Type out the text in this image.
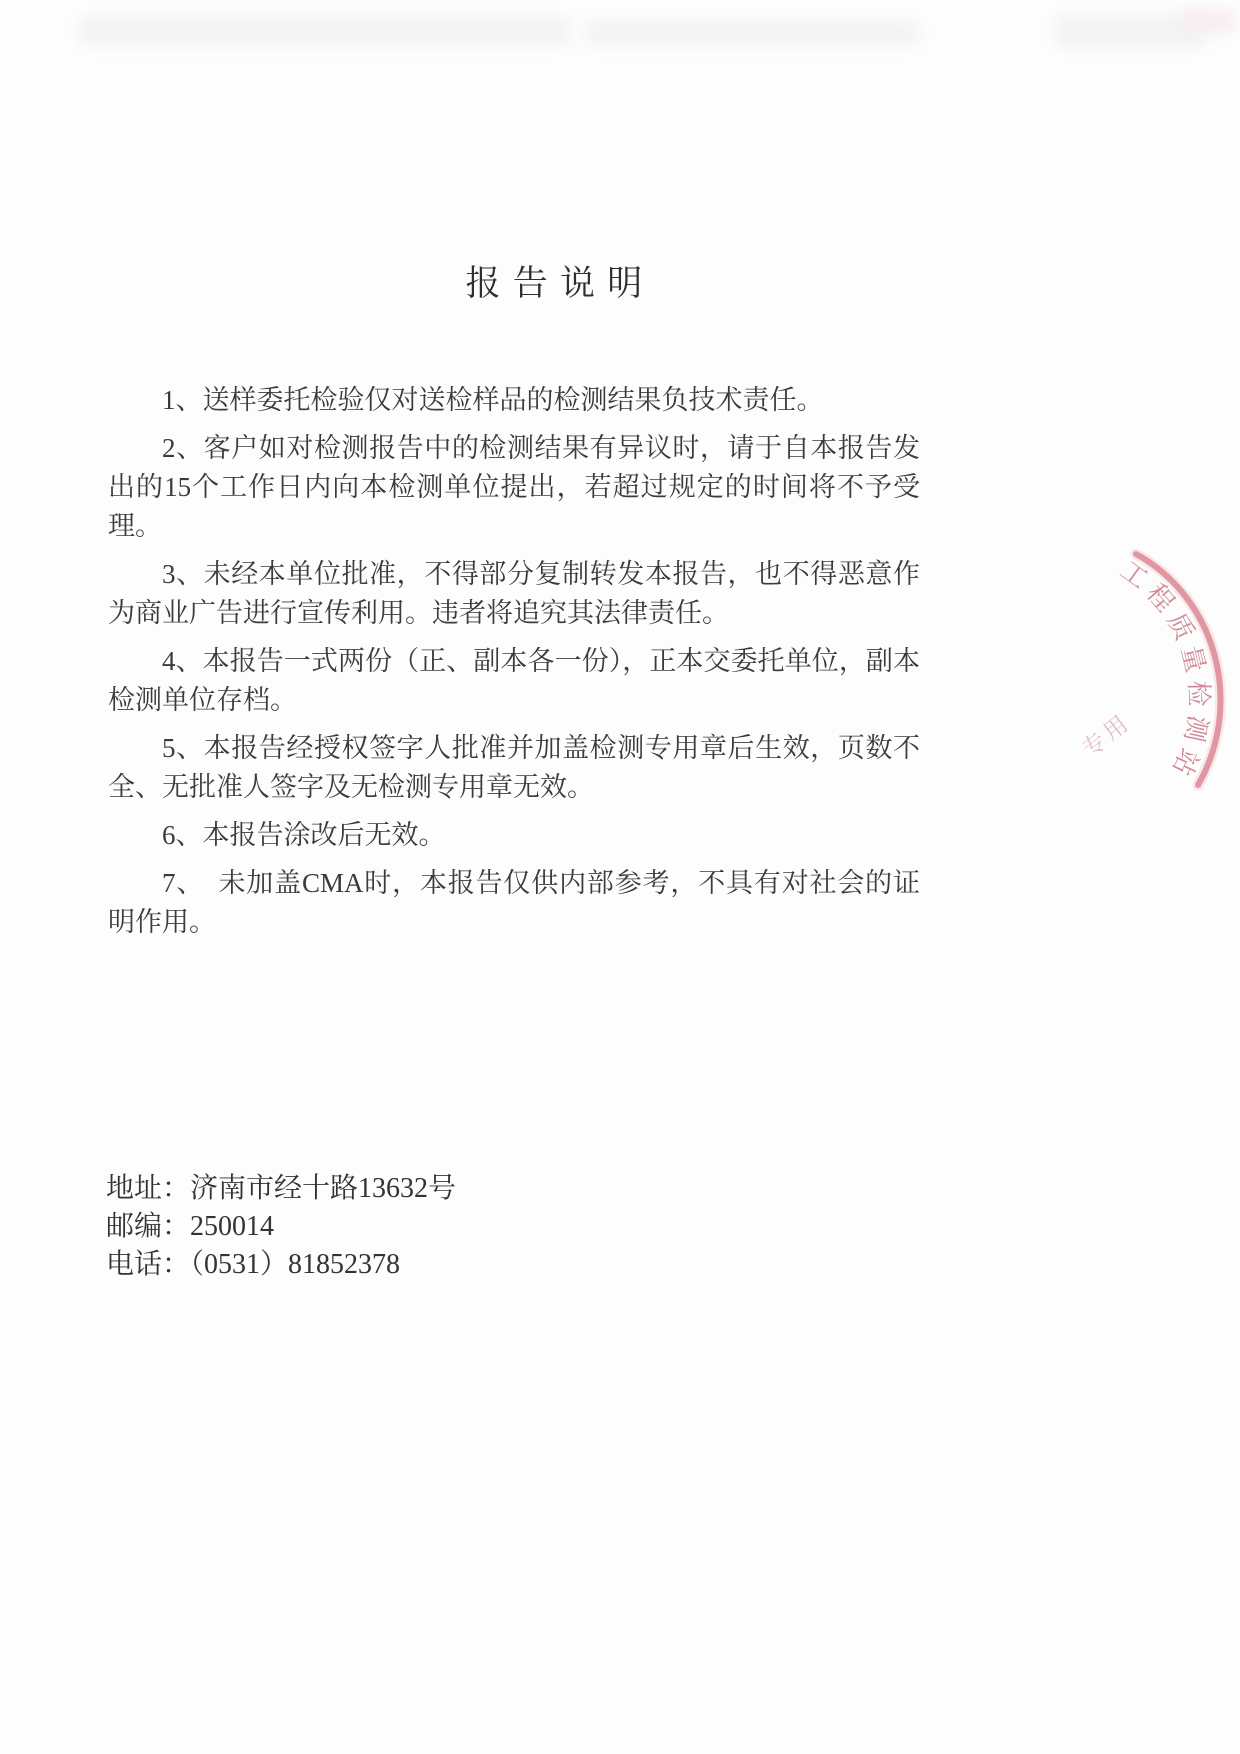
报告说明

1、送样委托检验仅对送检样品的检测结果负技术责任。

2、客户如对检测报告中的检测结果有异议时，请于自本报告发出的15个工作日内向本检测单位提出，若超过规定的时间将不予受理。

3、未经本单位批准，不得部分复制转发本报告，也不得恶意作为商业广告进行宣传利用。违者将追究其法律责任。

4、本报告一式两份（正、副本各一份），正本交委托单位，副本检测单位存档。

5、本报告经授权签字人批准并加盖检测专用章后生效，页数不全、无批准人签字及无检测专用章无效。

6、本报告涂改后无效。

7、　未加盖CMA时，本报告仅供内部参考，不具有对社会的证明作用。

地址：济南市经十路13632号

邮编：250014

电话：（0531）81852378

工程质量检测站
专用
